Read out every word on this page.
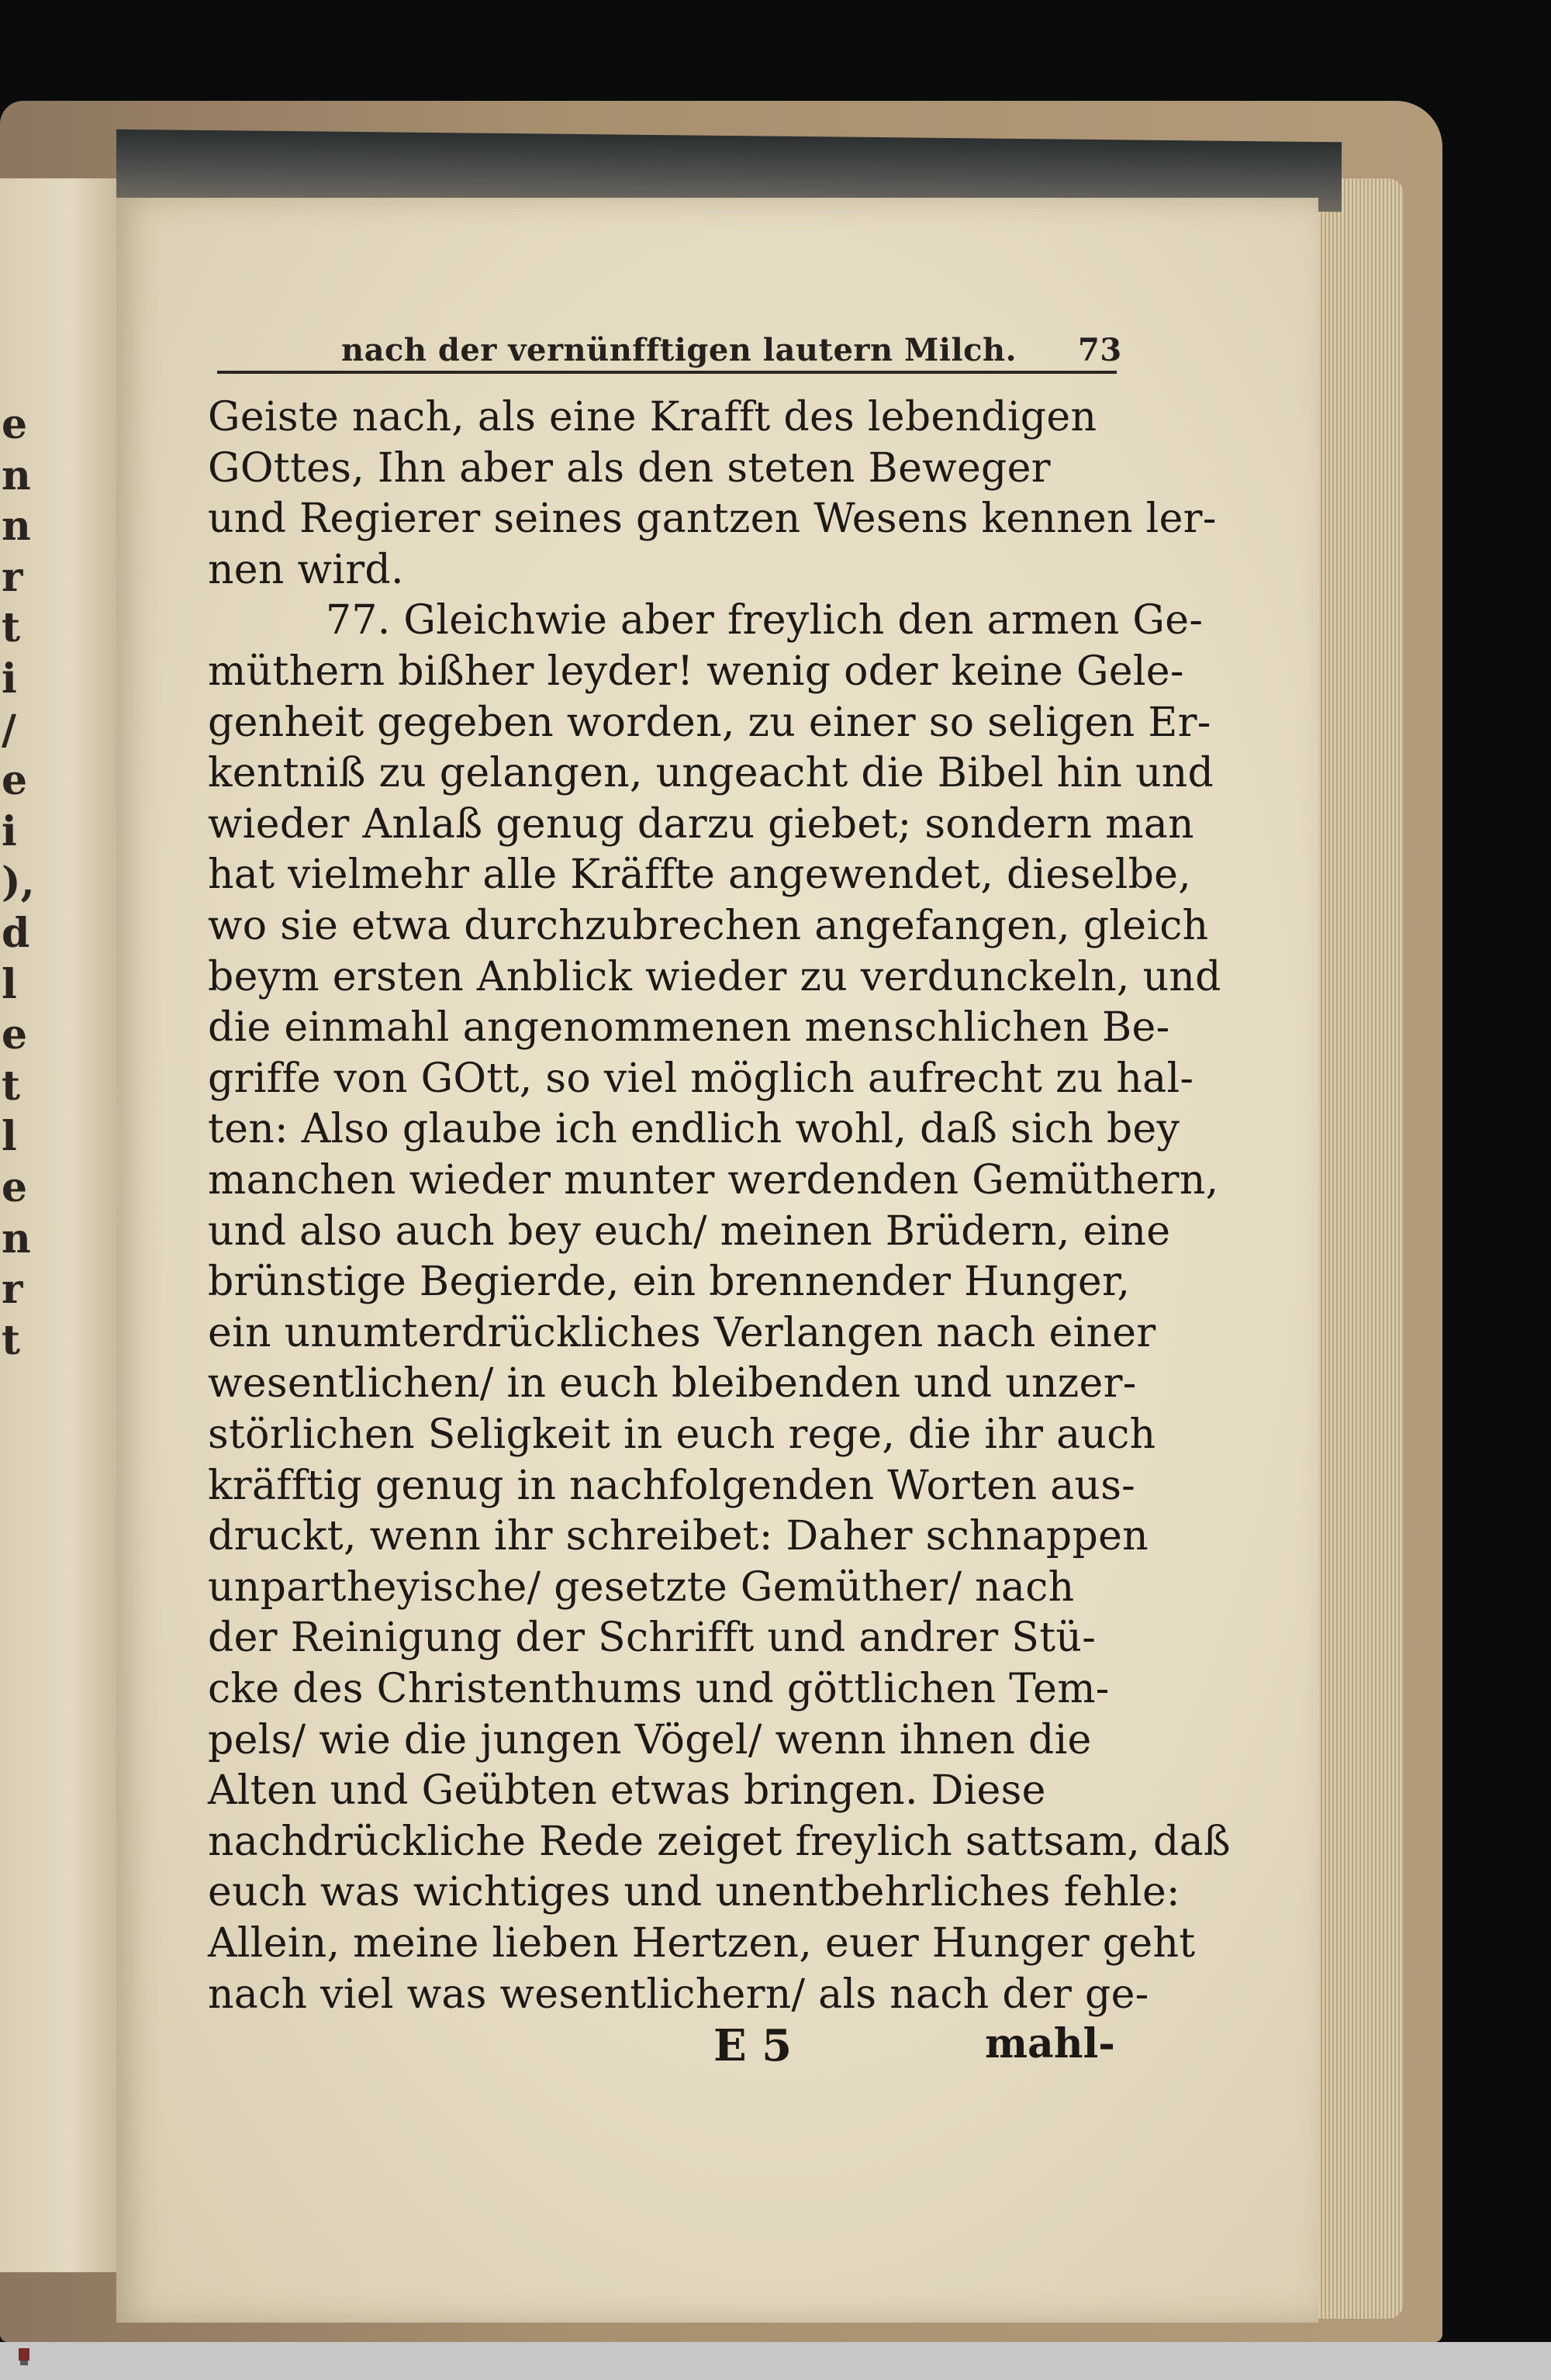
e
n
n
r
t
i
/
e
i
),
d
l
e
t
l
e
n
r
t
nach der vernünfftigen lautern Milch. 73
Geiste nach, als eine Krafft des lebendigen
GOttes, Ihn aber als den steten Beweger
und Regierer seines gantzen Wesens kennen ler-
nen wird.
77. Gleichwie aber freylich den armen Ge-
müthern bißher leyder! wenig oder keine Gele-
genheit gegeben worden, zu einer so seligen Er-
kentniß zu gelangen, ungeacht die Bibel hin und
wieder Anlaß genug darzu giebet; sondern man
hat vielmehr alle Kräffte angewendet, dieselbe,
wo sie etwa durchzubrechen angefangen, gleich
beym ersten Anblick wieder zu verdunckeln, und
die einmahl angenommenen menschlichen Be-
griffe von GOtt, so viel möglich aufrecht zu hal-
ten: Also glaube ich endlich wohl, daß sich bey
manchen wieder munter werdenden Gemüthern,
und also auch bey euch/ meinen Brüdern, eine
brünstige Begierde, ein brennender Hunger,
ein unumterdrückliches Verlangen nach einer
wesentlichen/ in euch bleibenden und unzer-
störlichen Seligkeit in euch rege, die ihr auch
kräfftig genug in nachfolgenden Worten aus-
druckt, wenn ihr schreibet: Daher schnappen
unpartheyische/ gesetzte Gemüther/ nach
der Reinigung der Schrifft und andrer Stü-
cke des Christenthums und göttlichen Tem-
pels/ wie die jungen Vögel/ wenn ihnen die
Alten und Geübten etwas bringen. Diese
nachdrückliche Rede zeiget freylich sattsam, daß
euch was wichtiges und unentbehrliches fehle:
Allein, meine lieben Hertzen, euer Hunger geht
nach viel was wesentlichern/ als nach der ge-
E 5	mahl-
